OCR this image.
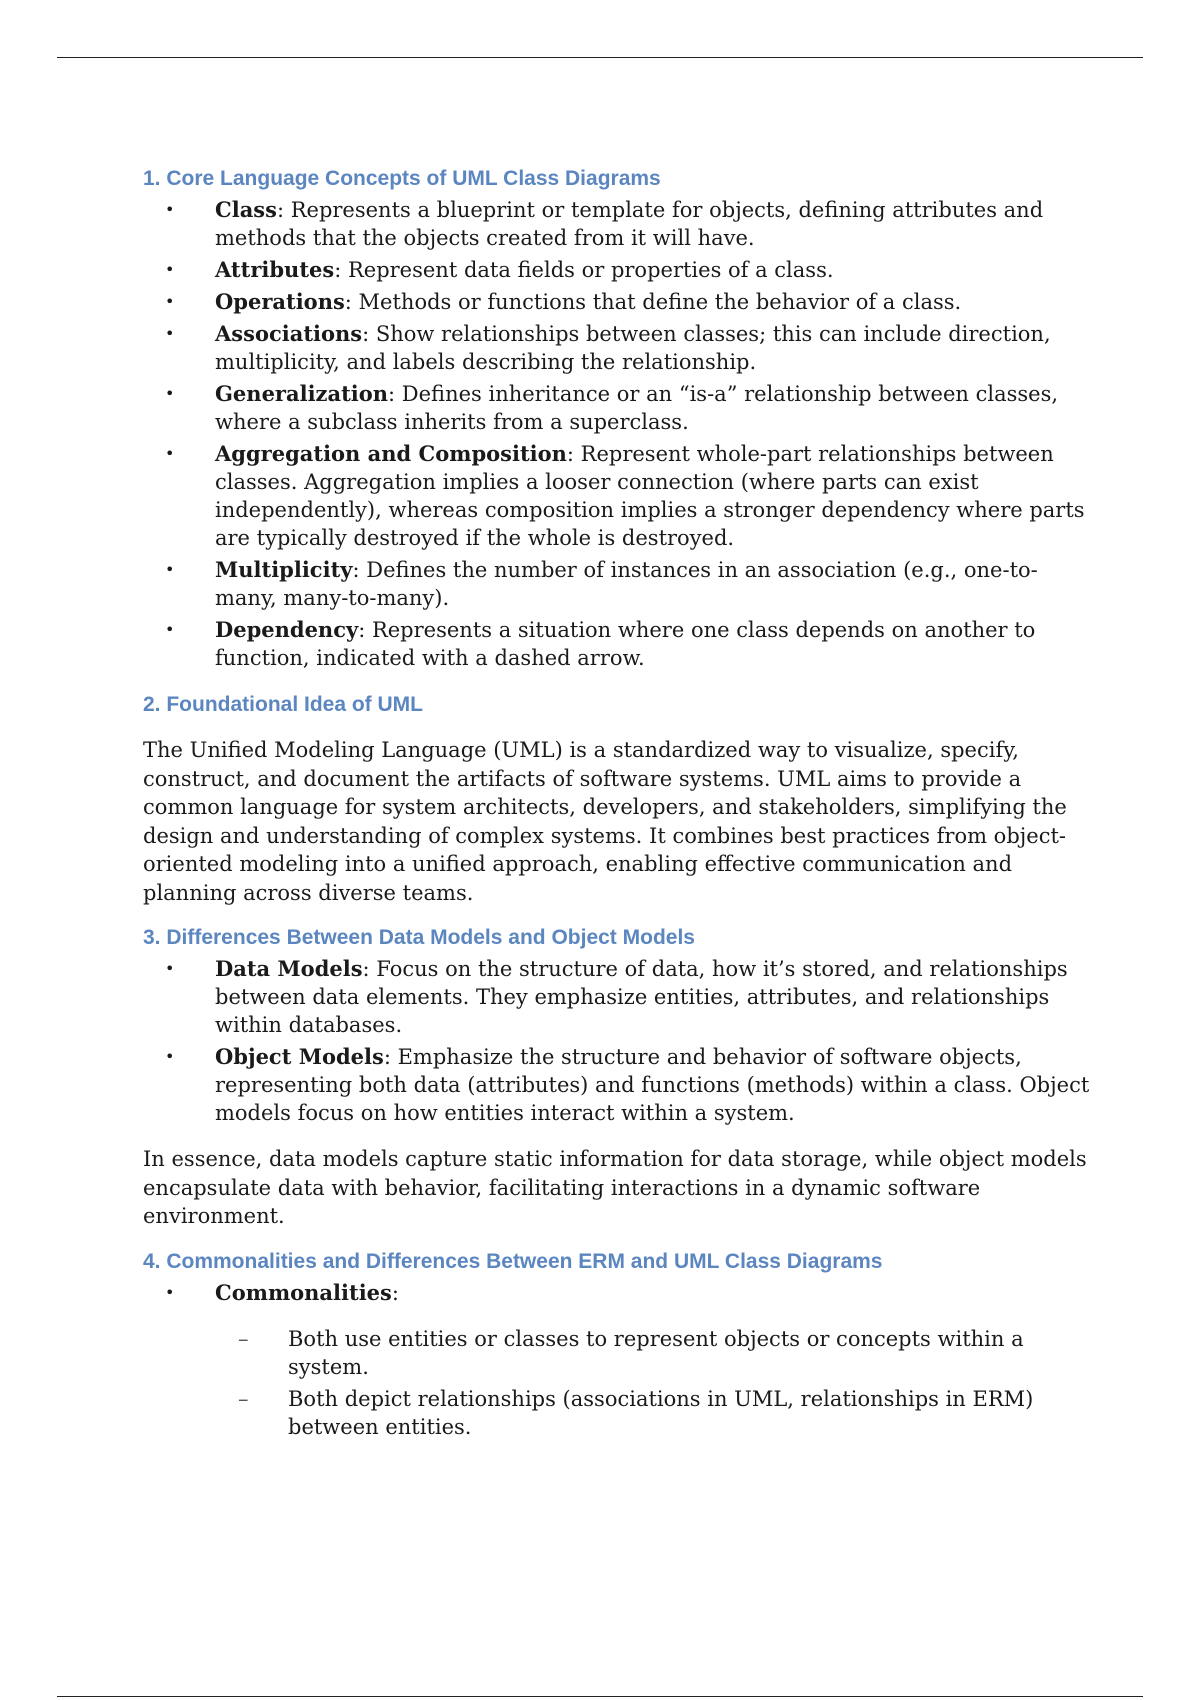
1. Core Language Concepts of UML Class Diagrams
• Class: Represents a blueprint or template for objects, defining attributes and methods that the objects created from it will have.
• Attributes: Represent data fields or properties of a class.
• Operations: Methods or functions that define the behavior of a class.
• Associations: Show relationships between classes; this can include direction, multiplicity, and labels describing the relationship.
• Generalization: Defines inheritance or an “is-a” relationship between classes, where a subclass inherits from a superclass.
• Aggregation and Composition: Represent whole-part relationships between classes. Aggregation implies a looser connection (where parts can exist independently), whereas composition implies a stronger dependency where parts are typically destroyed if the whole is destroyed.
• Multiplicity: Defines the number of instances in an association (e.g., one-to-many, many-to-many).
• Dependency: Represents a situation where one class depends on another to function, indicated with a dashed arrow.
2. Foundational Idea of UML

The Unified Modeling Language (UML) is a standardized way to visualize, specify, construct, and document the artifacts of software systems. UML aims to provide a common language for system architects, developers, and stakeholders, simplifying the design and understanding of complex systems. It combines best practices from object-oriented modeling into a unified approach, enabling effective communication and planning across diverse teams.

3. Differences Between Data Models and Object Models
• Data Models: Focus on the structure of data, how it’s stored, and relationships between data elements. They emphasize entities, attributes, and relationships within databases.
• Object Models: Emphasize the structure and behavior of software objects, representing both data (attributes) and functions (methods) within a class. Object models focus on how entities interact within a system.

In essence, data models capture static information for data storage, while object models encapsulate data with behavior, facilitating interactions in a dynamic software environment.

4. Commonalities and Differences Between ERM and UML Class Diagrams
• Commonalities:
– Both use entities or classes to represent objects or concepts within a system.
– Both depict relationships (associations in UML, relationships in ERM) between entities.
